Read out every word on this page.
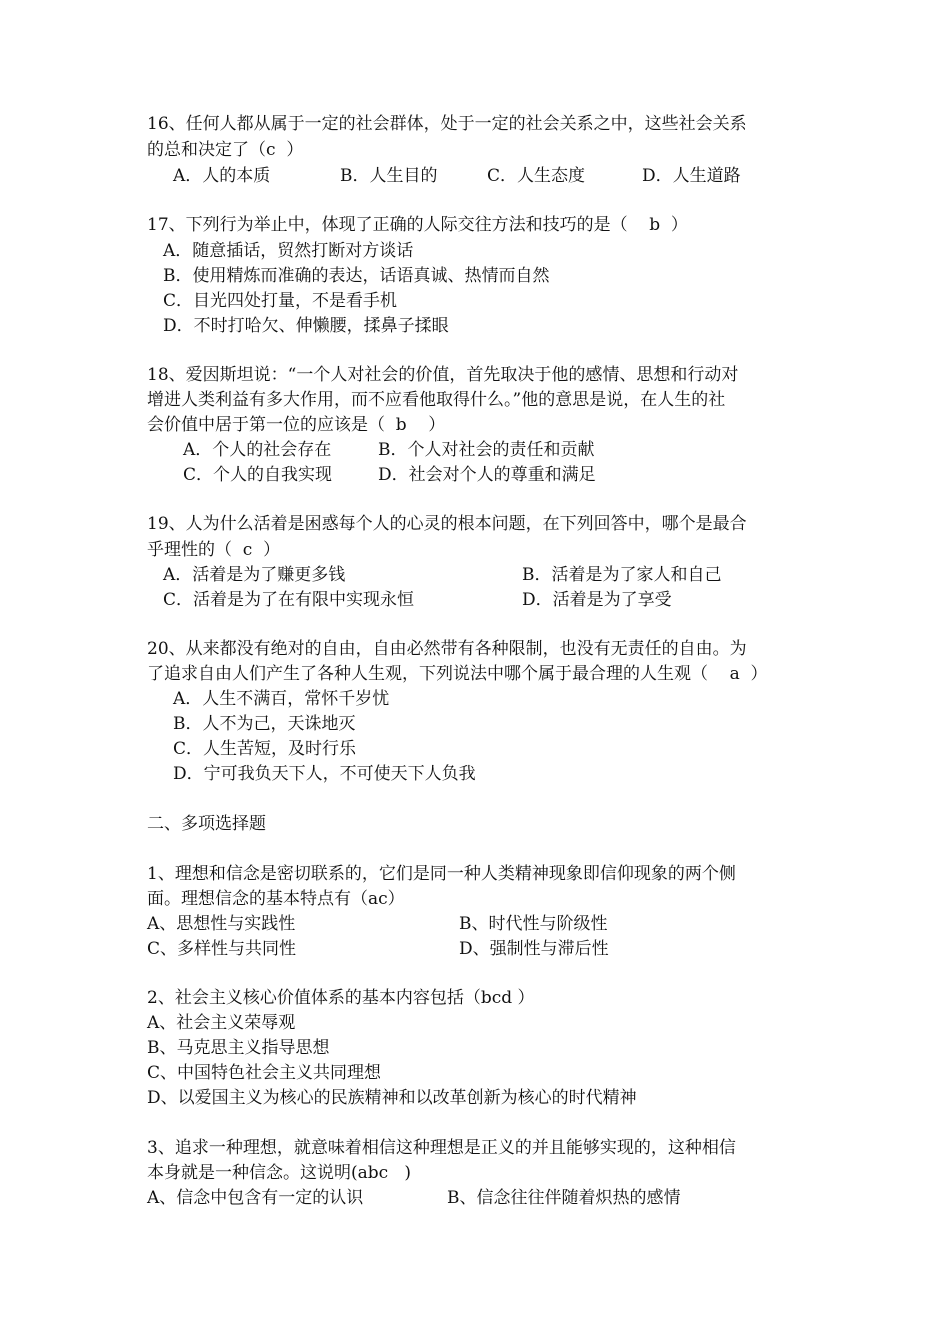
16、任何人都从属于一定的社会群体，处于一定的社会关系之中，这些社会关系
的总和决定了（c  ）
A．人的本质	B．人生目的	C．人生态度	D．人生道路
17、下列行为举止中，体现了正确的人际交往方法和技巧的是（    b  ）
A．随意插话，贸然打断对方谈话
B．使用精炼而准确的表达，话语真诚、热情而自然
C．目光四处打量，不是看手机
D．不时打哈欠、伸懒腰，揉鼻子揉眼
18、爱因斯坦说：“一个人对社会的价值，首先取决于他的感情、思想和行动对
增进人类利益有多大作用，而不应看他取得什么。”他的意思是说，在人生的社
会价值中居于第一位的应该是（  b    ）
A．个人的社会存在	B．个人对社会的责任和贡献
C．个人的自我实现	D．社会对个人的尊重和满足
19、人为什么活着是困惑每个人的心灵的根本问题，在下列回答中，哪个是最合
乎理性的（  c  ）
A．活着是为了赚更多钱	B．活着是为了家人和自己
C．活着是为了在有限中实现永恒	D．活着是为了享受
20、从来都没有绝对的自由，自由必然带有各种限制，也没有无责任的自由。为
了追求自由人们产生了各种人生观，下列说法中哪个属于最合理的人生观（    a  ）
A．人生不满百，常怀千岁忧
B．人不为己，天诛地灭
C．人生苦短，及时行乐
D．宁可我负天下人，不可使天下人负我
二、多项选择题
1、理想和信念是密切联系的，它们是同一种人类精神现象即信仰现象的两个侧
面。理想信念的基本特点有（ac）
A、思想性与实践性	B、时代性与阶级性
C、多样性与共同性	D、强制性与滞后性
2、社会主义核心价值体系的基本内容包括（bcd ）
A、社会主义荣辱观
B、马克思主义指导思想
C、中国特色社会主义共同理想
D、以爱国主义为核心的民族精神和以改革创新为核心的时代精神
3、追求一种理想，就意味着相信这种理想是正义的并且能够实现的，这种相信
本身就是一种信念。这说明(abc   )
A、信念中包含有一定的认识	B、信念往往伴随着炽热的感情
